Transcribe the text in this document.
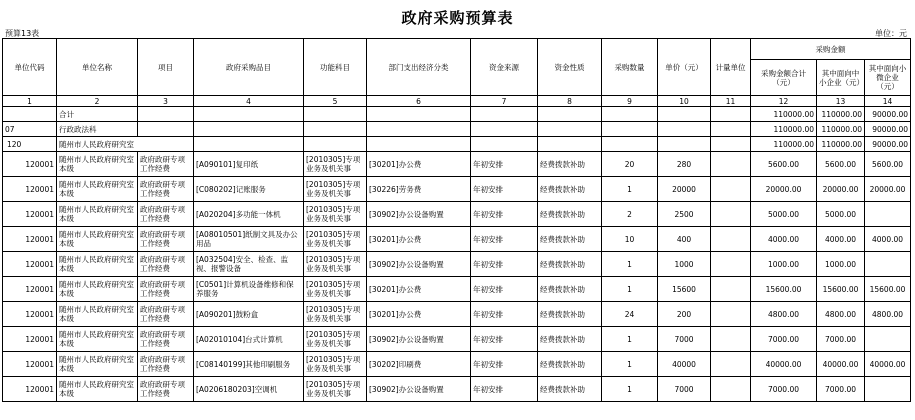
政府采购预算表
预算13表	单位：元
单位代码	单位名称	项目	政府采购品目	功能科目	部门支出经济分类	资金来源	资金性质	采购数量	单价（元）	计量单位	采购金额		
											采购金额合计（元）	其中面向中小企业（元）	其中面向小微企业（元）
1	2	3	4	5	6	7	8	9	10	11	12	13	14
	合计										110000.00	110000.00	90000.00
07	行政政法科										110000.00	110000.00	90000.00
120	随州市人民政府研究室										110000.00	110000.00	90000.00
120001	随州市人民政府研究室本级	政府政研专项工作经费	[A090101]复印纸	[2010305]专项业务及机关事	[30201]办公费	年初安排	经费拨款补助	20	280		5600.00	5600.00	5600.00
120001	随州市人民政府研究室本级	政府政研专项工作经费	[C080202]记账服务	[2010305]专项业务及机关事	[30226]劳务费	年初安排	经费拨款补助	1	20000		20000.00	20000.00	20000.00
120001	随州市人民政府研究室本级	政府政研专项工作经费	[A020204]多功能一体机	[2010305]专项业务及机关事	[30902]办公设备购置	年初安排	经费拨款补助	2	2500		5000.00	5000.00	
120001	随州市人民政府研究室本级	政府政研专项工作经费	[A08010501]纸制文具及办公用品	[2010305]专项业务及机关事	[30201]办公费	年初安排	经费拨款补助	10	400		4000.00	4000.00	4000.00
120001	随州市人民政府研究室本级	政府政研专项工作经费	[A032504]安全、检查、监视、报警设备	[2010305]专项业务及机关事	[30902]办公设备购置	年初安排	经费拨款补助	1	1000		1000.00	1000.00	
120001	随州市人民政府研究室本级	政府政研专项工作经费	[C0501]计算机设备维修和保养服务	[2010305]专项业务及机关事	[30201]办公费	年初安排	经费拨款补助	1	15600		15600.00	15600.00	15600.00
120001	随州市人民政府研究室本级	政府政研专项工作经费	[A090201]鼓粉盒	[2010305]专项业务及机关事	[30201]办公费	年初安排	经费拨款补助	24	200		4800.00	4800.00	4800.00
120001	随州市人民政府研究室本级	政府政研专项工作经费	[A02010104]台式计算机	[2010305]专项业务及机关事	[30902]办公设备购置	年初安排	经费拨款补助	1	7000		7000.00	7000.00	
120001	随州市人民政府研究室本级	政府政研专项工作经费	[C08140199]其他印刷服务	[2010305]专项业务及机关事	[30202]印刷费	年初安排	经费拨款补助	1	40000		40000.00	40000.00	40000.00
120001	随州市人民政府研究室本级	政府政研专项工作经费	[A0206180203]空调机	[2010305]专项业务及机关事	[30902]办公设备购置	年初安排	经费拨款补助	1	7000		7000.00	7000.00	
